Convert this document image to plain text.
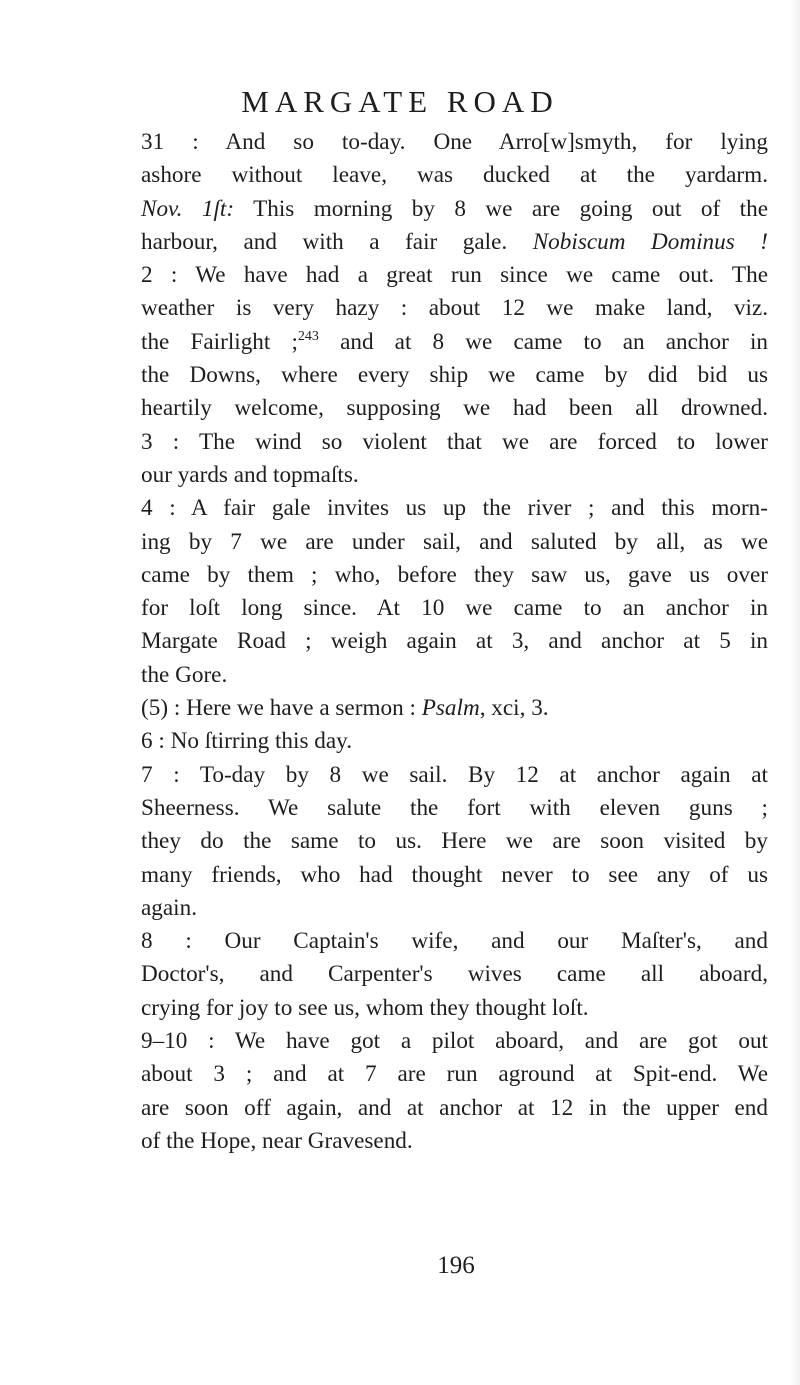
MARGATE ROAD
31 : And so to-day. One Arro[w]smyth, for lying
ashore without leave, was ducked at the yardarm.
Nov. 1ſt: This morning by 8 we are going out of the
harbour, and with a fair gale. Nobiscum Dominus !
2 : We have had a great run since we came out. The
weather is very hazy : about 12 we make land, viz.
the Fairlight ;$^{243}$ and at 8 we came to an anchor in
the Downs, where every ship we came by did bid us
heartily welcome, supposing we had been all drowned.
3 : The wind so violent that we are forced to lower
our yards and topmaſts.
4 : A fair gale invites us up the river ; and this morn-
ing by 7 we are under sail, and saluted by all, as we
came by them ; who, before they saw us, gave us over
for loſt long since. At 10 we came to an anchor in
Margate Road ; weigh again at 3, and anchor at 5 in
the Gore.
(5) : Here we have a sermon : Psalm, xci, 3.
6 : No ſtirring this day.
7 : To-day by 8 we sail. By 12 at anchor again at
Sheerness. We salute the fort with eleven guns ;
they do the same to us. Here we are soon visited by
many friends, who had thought never to see any of us
again.
8 : Our Captain's wife, and our Maſter's, and
Doctor's, and Carpenter's wives came all aboard,
crying for joy to see us, whom they thought loſt.
9–10 : We have got a pilot aboard, and are got out
about 3 ; and at 7 are run aground at Spit-end. We
are soon off again, and at anchor at 12 in the upper end
of the Hope, near Gravesend.
196
